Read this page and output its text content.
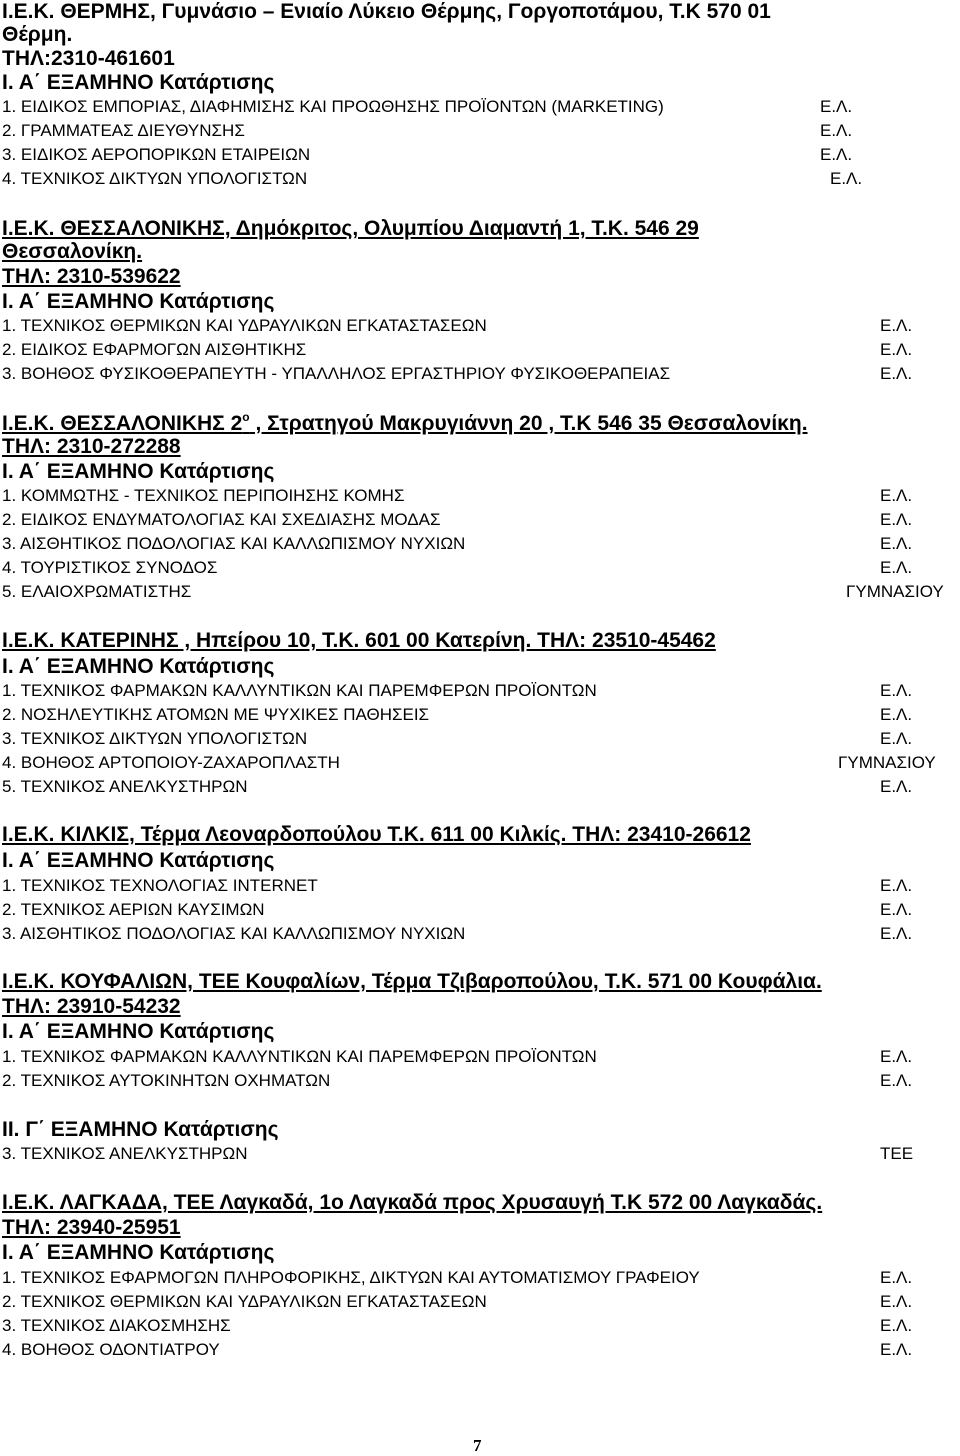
Ι.Ε.Κ. ΘΕΡΜΗΣ, Γυμνάσιο – Ενιαίο Λύκειο Θέρμης, Γοργοποτάμου, Τ.Κ 570 01
Θέρμη.
ΤΗΛ:2310-461601
Ι. Α΄ ΕΞΑΜΗΝΟ Κατάρτισης
1. ΕΙΔΙΚΟΣ ΕΜΠΟΡΙΑΣ, ΔΙΑΦΗΜΙΣΗΣ ΚΑΙ ΠΡΟΩΘΗΣΗΣ ΠΡΟΪΟΝΤΩΝ (MARKETING)	Ε.Λ.
2. ΓΡΑΜΜΑΤΕΑΣ ΔΙΕΥΘΥΝΣΗΣ	Ε.Λ.
3. ΕΙΔΙΚΟΣ ΑΕΡΟΠΟΡΙΚΩΝ ΕΤΑΙΡΕΙΩΝ	Ε.Λ.
4. ΤΕΧΝΙΚΟΣ ΔΙΚΤΥΩΝ ΥΠΟΛΟΓΙΣΤΩΝ	Ε.Λ.
Ι.Ε.Κ. ΘΕΣΣΑΛΟΝΙΚΗΣ, Δημόκριτος, Ολυμπίου Διαμαντή 1, Τ.Κ. 546 29
Θεσσαλονίκη.
ΤΗΛ: 2310-539622
Ι. Α΄ ΕΞΑΜΗΝΟ Κατάρτισης
1. ΤΕΧΝΙΚΟΣ ΘΕΡΜΙΚΩΝ ΚΑΙ ΥΔΡΑΥΛΙΚΩΝ ΕΓΚΑΤΑΣΤΑΣΕΩΝ	Ε.Λ.
2. ΕΙΔΙΚΟΣ ΕΦΑΡΜΟΓΩΝ ΑΙΣΘΗΤΙΚΗΣ	Ε.Λ.
3. ΒΟΗΘΟΣ ΦΥΣΙΚΟΘΕΡΑΠΕΥΤΗ - ΥΠΑΛΛΗΛΟΣ ΕΡΓΑΣΤΗΡΙΟΥ ΦΥΣΙΚΟΘΕΡΑΠΕΙΑΣ	Ε.Λ.
Ι.Ε.Κ. ΘΕΣΣΑΛΟΝΙΚΗΣ $2^o$ , Στρατηγού Μακρυγιάννη 20 , Τ.Κ 546 35 Θεσσαλονίκη.
ΤΗΛ: 2310-272288
Ι. Α΄ ΕΞΑΜΗΝΟ Κατάρτισης
1. ΚΟΜΜΩΤΗΣ - ΤΕΧΝΙΚΟΣ ΠΕΡΙΠΟΙΗΣΗΣ ΚΟΜΗΣ	Ε.Λ.
2. ΕΙΔΙΚΟΣ ΕΝΔΥΜΑΤΟΛΟΓΙΑΣ ΚΑΙ ΣΧΕΔΙΑΣΗΣ ΜΟΔΑΣ	Ε.Λ.
3. ΑΙΣΘΗΤΙΚΟΣ ΠΟΔΟΛΟΓΙΑΣ ΚΑΙ ΚΑΛΛΩΠΙΣΜΟΥ ΝΥΧΙΩΝ	Ε.Λ.
4. ΤΟΥΡΙΣΤΙΚΟΣ ΣΥΝΟΔΟΣ	Ε.Λ.
5. ΕΛΑΙΟΧΡΩΜΑΤΙΣΤΗΣ	ΓΥΜΝΑΣΙΟΥ
Ι.Ε.Κ. ΚΑΤΕΡΙΝΗΣ , Ηπείρου 10, Τ.Κ. 601 00 Κατερίνη. ΤΗΛ: 23510-45462
Ι. Α΄ ΕΞΑΜΗΝΟ Κατάρτισης
1. ΤΕΧΝΙΚΟΣ ΦΑΡΜΑΚΩΝ ΚΑΛΛΥΝΤΙΚΩΝ ΚΑΙ ΠΑΡΕΜΦΕΡΩΝ ΠΡΟΪΟΝΤΩΝ	Ε.Λ.
2. ΝΟΣΗΛΕΥΤΙΚΗΣ ΑΤΟΜΩΝ ΜΕ ΨΥΧΙΚΕΣ ΠΑΘΗΣΕΙΣ	Ε.Λ.
3. ΤΕΧΝΙΚΟΣ ΔΙΚΤΥΩΝ ΥΠΟΛΟΓΙΣΤΩΝ	Ε.Λ.
4. ΒΟΗΘΟΣ ΑΡΤΟΠΟΙΟΥ-ΖΑΧΑΡΟΠΛΑΣΤΗ	ΓΥΜΝΑΣΙΟΥ
5. ΤΕΧΝΙΚΟΣ ΑΝΕΛΚΥΣΤΗΡΩΝ	Ε.Λ.
Ι.Ε.Κ. ΚΙΛΚΙΣ, Τέρμα Λεοναρδοπούλου Τ.Κ. 611 00 Κιλκίς. ΤΗΛ: 23410-26612
Ι. Α΄ ΕΞΑΜΗΝΟ Κατάρτισης
1. ΤΕΧΝΙΚΟΣ ΤΕΧΝΟΛΟΓΙΑΣ INTERNET	Ε.Λ.
2. ΤΕΧΝΙΚΟΣ ΑΕΡΙΩΝ ΚΑΥΣΙΜΩΝ	Ε.Λ.
3. ΑΙΣΘΗΤΙΚΟΣ ΠΟΔΟΛΟΓΙΑΣ ΚΑΙ ΚΑΛΛΩΠΙΣΜΟΥ ΝΥΧΙΩΝ	Ε.Λ.
Ι.Ε.Κ. ΚΟΥΦΑΛΙΩΝ, ΤΕΕ Κουφαλίων, Τέρμα Τζιβαροπούλου, Τ.Κ. 571 00 Κουφάλια.
ΤΗΛ: 23910-54232
Ι. Α΄ ΕΞΑΜΗΝΟ Κατάρτισης
1. ΤΕΧΝΙΚΟΣ ΦΑΡΜΑΚΩΝ ΚΑΛΛΥΝΤΙΚΩΝ ΚΑΙ ΠΑΡΕΜΦΕΡΩΝ ΠΡΟΪΟΝΤΩΝ	Ε.Λ.
2. ΤΕΧΝΙΚΟΣ ΑΥΤΟΚΙΝΗΤΩΝ ΟΧΗΜΑΤΩΝ	Ε.Λ.
ΙΙ. Γ΄ ΕΞΑΜΗΝΟ Κατάρτισης
3. ΤΕΧΝΙΚΟΣ ΑΝΕΛΚΥΣΤΗΡΩΝ	ΤΕΕ
Ι.Ε.Κ. ΛΑΓΚΑΔΑ, ΤΕΕ Λαγκαδά, 1ο Λαγκαδά προς Χρυσαυγή Τ.Κ 572 00 Λαγκαδάς.
ΤΗΛ: 23940-25951
Ι. Α΄ ΕΞΑΜΗΝΟ Κατάρτισης
1. ΤΕΧΝΙΚΟΣ ΕΦΑΡΜΟΓΩΝ ΠΛΗΡΟΦΟΡΙΚΗΣ, ΔΙΚΤΥΩΝ ΚΑΙ ΑΥΤΟΜΑΤΙΣΜΟΥ ΓΡΑΦΕΙΟΥ	Ε.Λ.
2. ΤΕΧΝΙΚΟΣ ΘΕΡΜΙΚΩΝ ΚΑΙ ΥΔΡΑΥΛΙΚΩΝ ΕΓΚΑΤΑΣΤΑΣΕΩΝ	Ε.Λ.
3. ΤΕΧΝΙΚΟΣ ΔΙΑΚΟΣΜΗΣΗΣ	Ε.Λ.
4. ΒΟΗΘΟΣ ΟΔΟΝΤΙΑΤΡΟΥ	Ε.Λ.
7
